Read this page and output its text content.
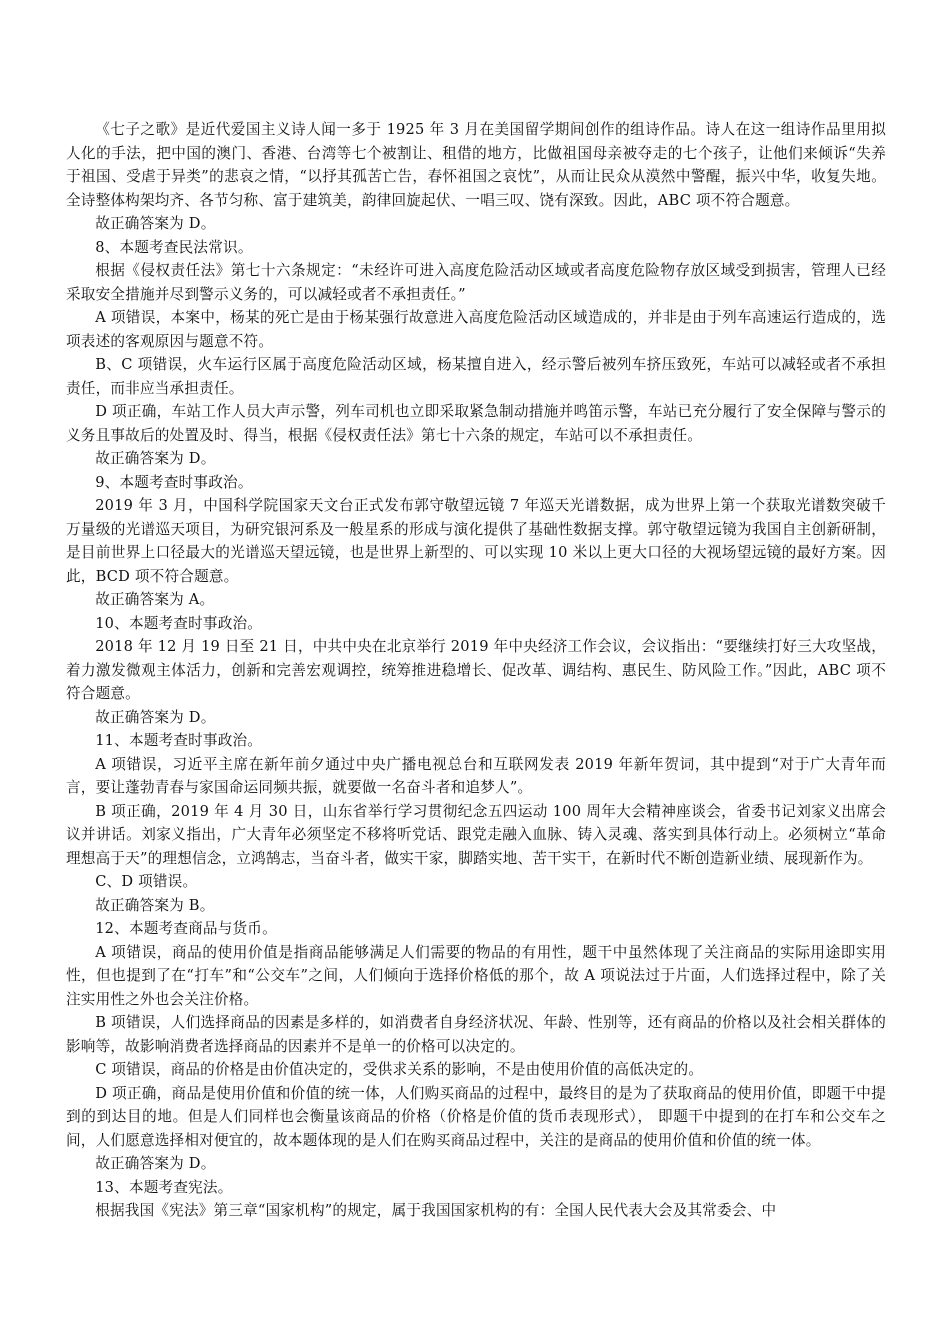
《七子之歌》是近代爱国主义诗人闻一多于 1925 年 3 月在美国留学期间创作的组诗作品。诗人在这一组诗作品里用拟人化的手法，把中国的澳门、香港、台湾等七个被割让、租借的地方，比做祖国母亲被夺走的七个孩子，让他们来倾诉“失养于祖国、受虐于异类”的悲哀之情，“以抒其孤苦亡告，春怀祖国之哀忱”，从而让民众从漠然中警醒，振兴中华，收复失地。全诗整体构架均齐、各节匀称、富于建筑美，韵律回旋起伏、一唱三叹、饶有深致。因此，ABC 项不符合题意。

故正确答案为 D。

8、本题考查民法常识。

根据《侵权责任法》第七十六条规定：“未经许可进入高度危险活动区域或者高度危险物存放区域受到损害，管理人已经采取安全措施并尽到警示义务的，可以减轻或者不承担责任。”

A 项错误，本案中，杨某的死亡是由于杨某强行故意进入高度危险活动区域造成的，并非是由于列车高速运行造成的，选项表述的客观原因与题意不符。

B、C 项错误，火车运行区属于高度危险活动区域，杨某擅自进入，经示警后被列车挤压致死，车站可以减轻或者不承担责任，而非应当承担责任。

D 项正确，车站工作人员大声示警，列车司机也立即采取紧急制动措施并鸣笛示警，车站已充分履行了安全保障与警示的义务且事故后的处置及时、得当，根据《侵权责任法》第七十六条的规定，车站可以不承担责任。

故正确答案为 D。

9、本题考查时事政治。

2019 年 3 月，中国科学院国家天文台正式发布郭守敬望远镜 7 年巡天光谱数据，成为世界上第一个获取光谱数突破千万量级的光谱巡天项目，为研究银河系及一般星系的形成与演化提供了基础性数据支撑。郭守敬望远镜为我国自主创新研制，是目前世界上口径最大的光谱巡天望远镜，也是世界上新型的、可以实现 10 米以上更大口径的大视场望远镜的最好方案。因此，BCD 项不符合题意。

故正确答案为 A。

10、本题考查时事政治。

2018 年 12 月 19 日至 21 日，中共中央在北京举行 2019 年中央经济工作会议，会议指出：“要继续打好三大攻坚战，着力激发微观主体活力，创新和完善宏观调控，统筹推进稳增长、促改革、调结构、惠民生、防风险工作。”因此，ABC 项不符合题意。

故正确答案为 D。

11、本题考查时事政治。

A 项错误，习近平主席在新年前夕通过中央广播电视总台和互联网发表 2019 年新年贺词，其中提到“对于广大青年而言，要让蓬勃青春与家国命运同频共振，就要做一名奋斗者和追梦人”。

B 项正确，2019 年 4 月 30 日，山东省举行学习贯彻纪念五四运动 100 周年大会精神座谈会，省委书记刘家义出席会议并讲话。刘家义指出，广大青年必须坚定不移将听党话、跟党走融入血脉、铸入灵魂、落实到具体行动上。必须树立“革命理想高于天”的理想信念，立鸿鹄志，当奋斗者，做实干家，脚踏实地、苦干实干，在新时代不断创造新业绩、展现新作为。

C、D 项错误。

故正确答案为 B。

12、本题考查商品与货币。

A 项错误，商品的使用价值是指商品能够满足人们需要的物品的有用性，题干中虽然体现了关注商品的实际用途即实用性，但也提到了在“打车”和“公交车”之间，人们倾向于选择价格低的那个，故 A 项说法过于片面，人们选择过程中，除了关注实用性之外也会关注价格。

B 项错误，人们选择商品的因素是多样的，如消费者自身经济状况、年龄、性别等，还有商品的价格以及社会相关群体的影响等，故影响消费者选择商品的因素并不是单一的价格可以决定的。

C 项错误，商品的价格是由价值决定的，受供求关系的影响，不是由使用价值的高低决定的。

D 项正确，商品是使用价值和价值的统一体，人们购买商品的过程中，最终目的是为了获取商品的使用价值，即题干中提到的到达目的地。但是人们同样也会衡量该商品的价格（价格是价值的货币表现形式）， 即题干中提到的在打车和公交车之间，人们愿意选择相对便宜的，故本题体现的是人们在购买商品过程中，关注的是商品的使用价值和价值的统一体。

故正确答案为 D。

13、本题考查宪法。

根据我国《宪法》第三章“国家机构”的规定，属于我国国家机构的有：全国人民代表大会及其常委会、中
